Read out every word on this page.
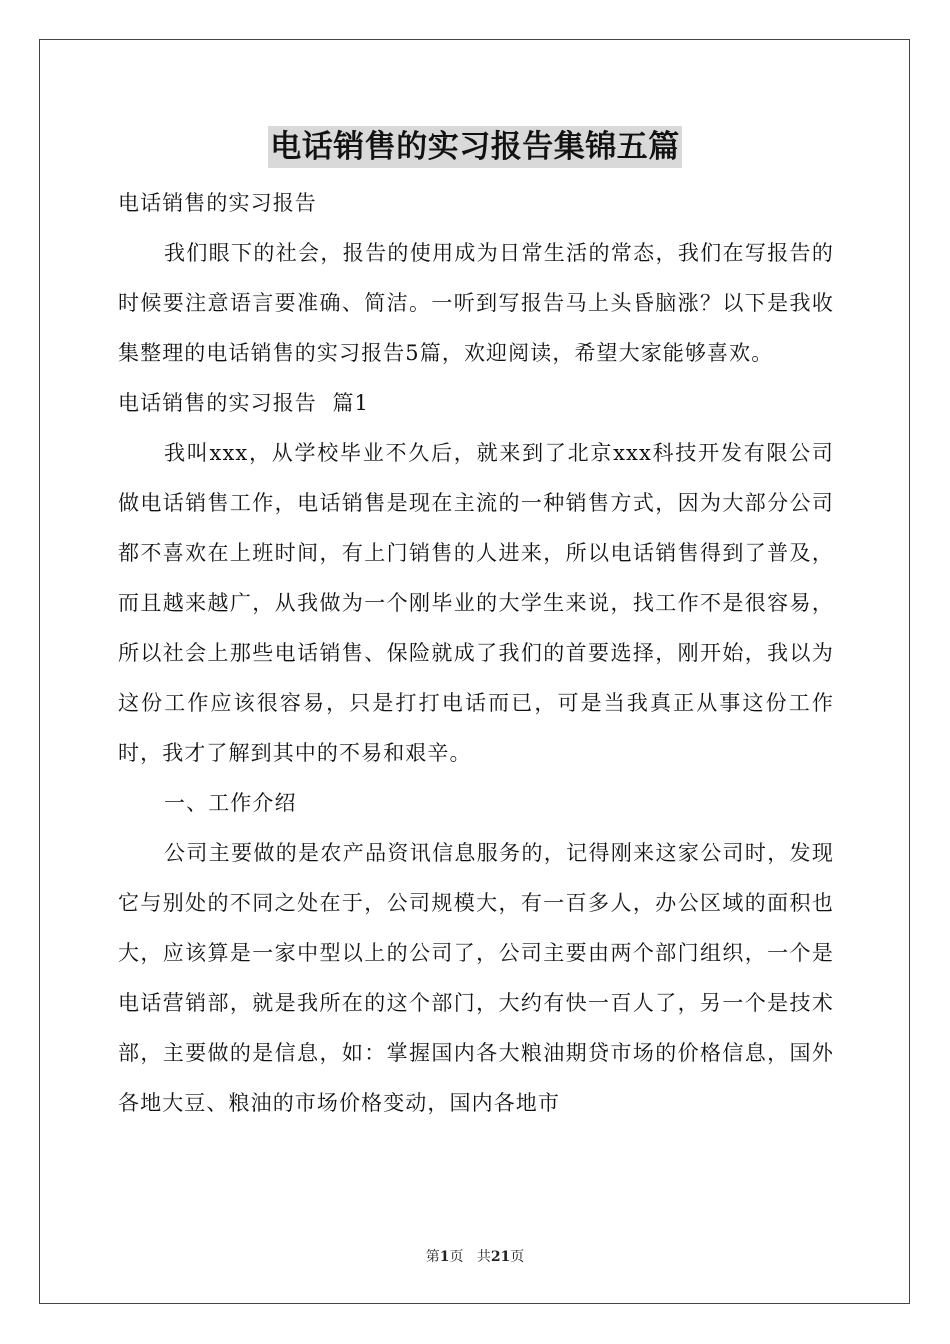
电话销售的实习报告集锦五篇
电话销售的实习报告

我们眼下的社会，报告的使用成为日常生活的常态，我们在写报告的时候要注意语言要准确、简洁。一听到写报告马上头昏脑涨？以下是我收集整理的电话销售的实习报告5篇，欢迎阅读，希望大家能够喜欢。

电话销售的实习报告  篇1

我叫xxx，从学校毕业不久后，就来到了北京xxx科技开发有限公司做电话销售工作，电话销售是现在主流的一种销售方式，因为大部分公司都不喜欢在上班时间，有上门销售的人进来，所以电话销售得到了普及，而且越来越广，从我做为一个刚毕业的大学生来说，找工作不是很容易，所以社会上那些电话销售、保险就成了我们的首要选择，刚开始，我以为这份工作应该很容易，只是打打电话而已，可是当我真正从事这份工作时，我才了解到其中的不易和艰辛。

一、工作介绍

公司主要做的是农产品资讯信息服务的，记得刚来这家公司时，发现它与别处的不同之处在于，公司规模大，有一百多人，办公区域的面积也大，应该算是一家中型以上的公司了，公司主要由两个部门组织，一个是电话营销部，就是我所在的这个部门，大约有快一百人了，另一个是技术部，主要做的是信息，如：掌握国内各大粮油期贷市场的价格信息，国外各地大豆、粮油的市场价格变动，国内各地市

第1页 共21页
